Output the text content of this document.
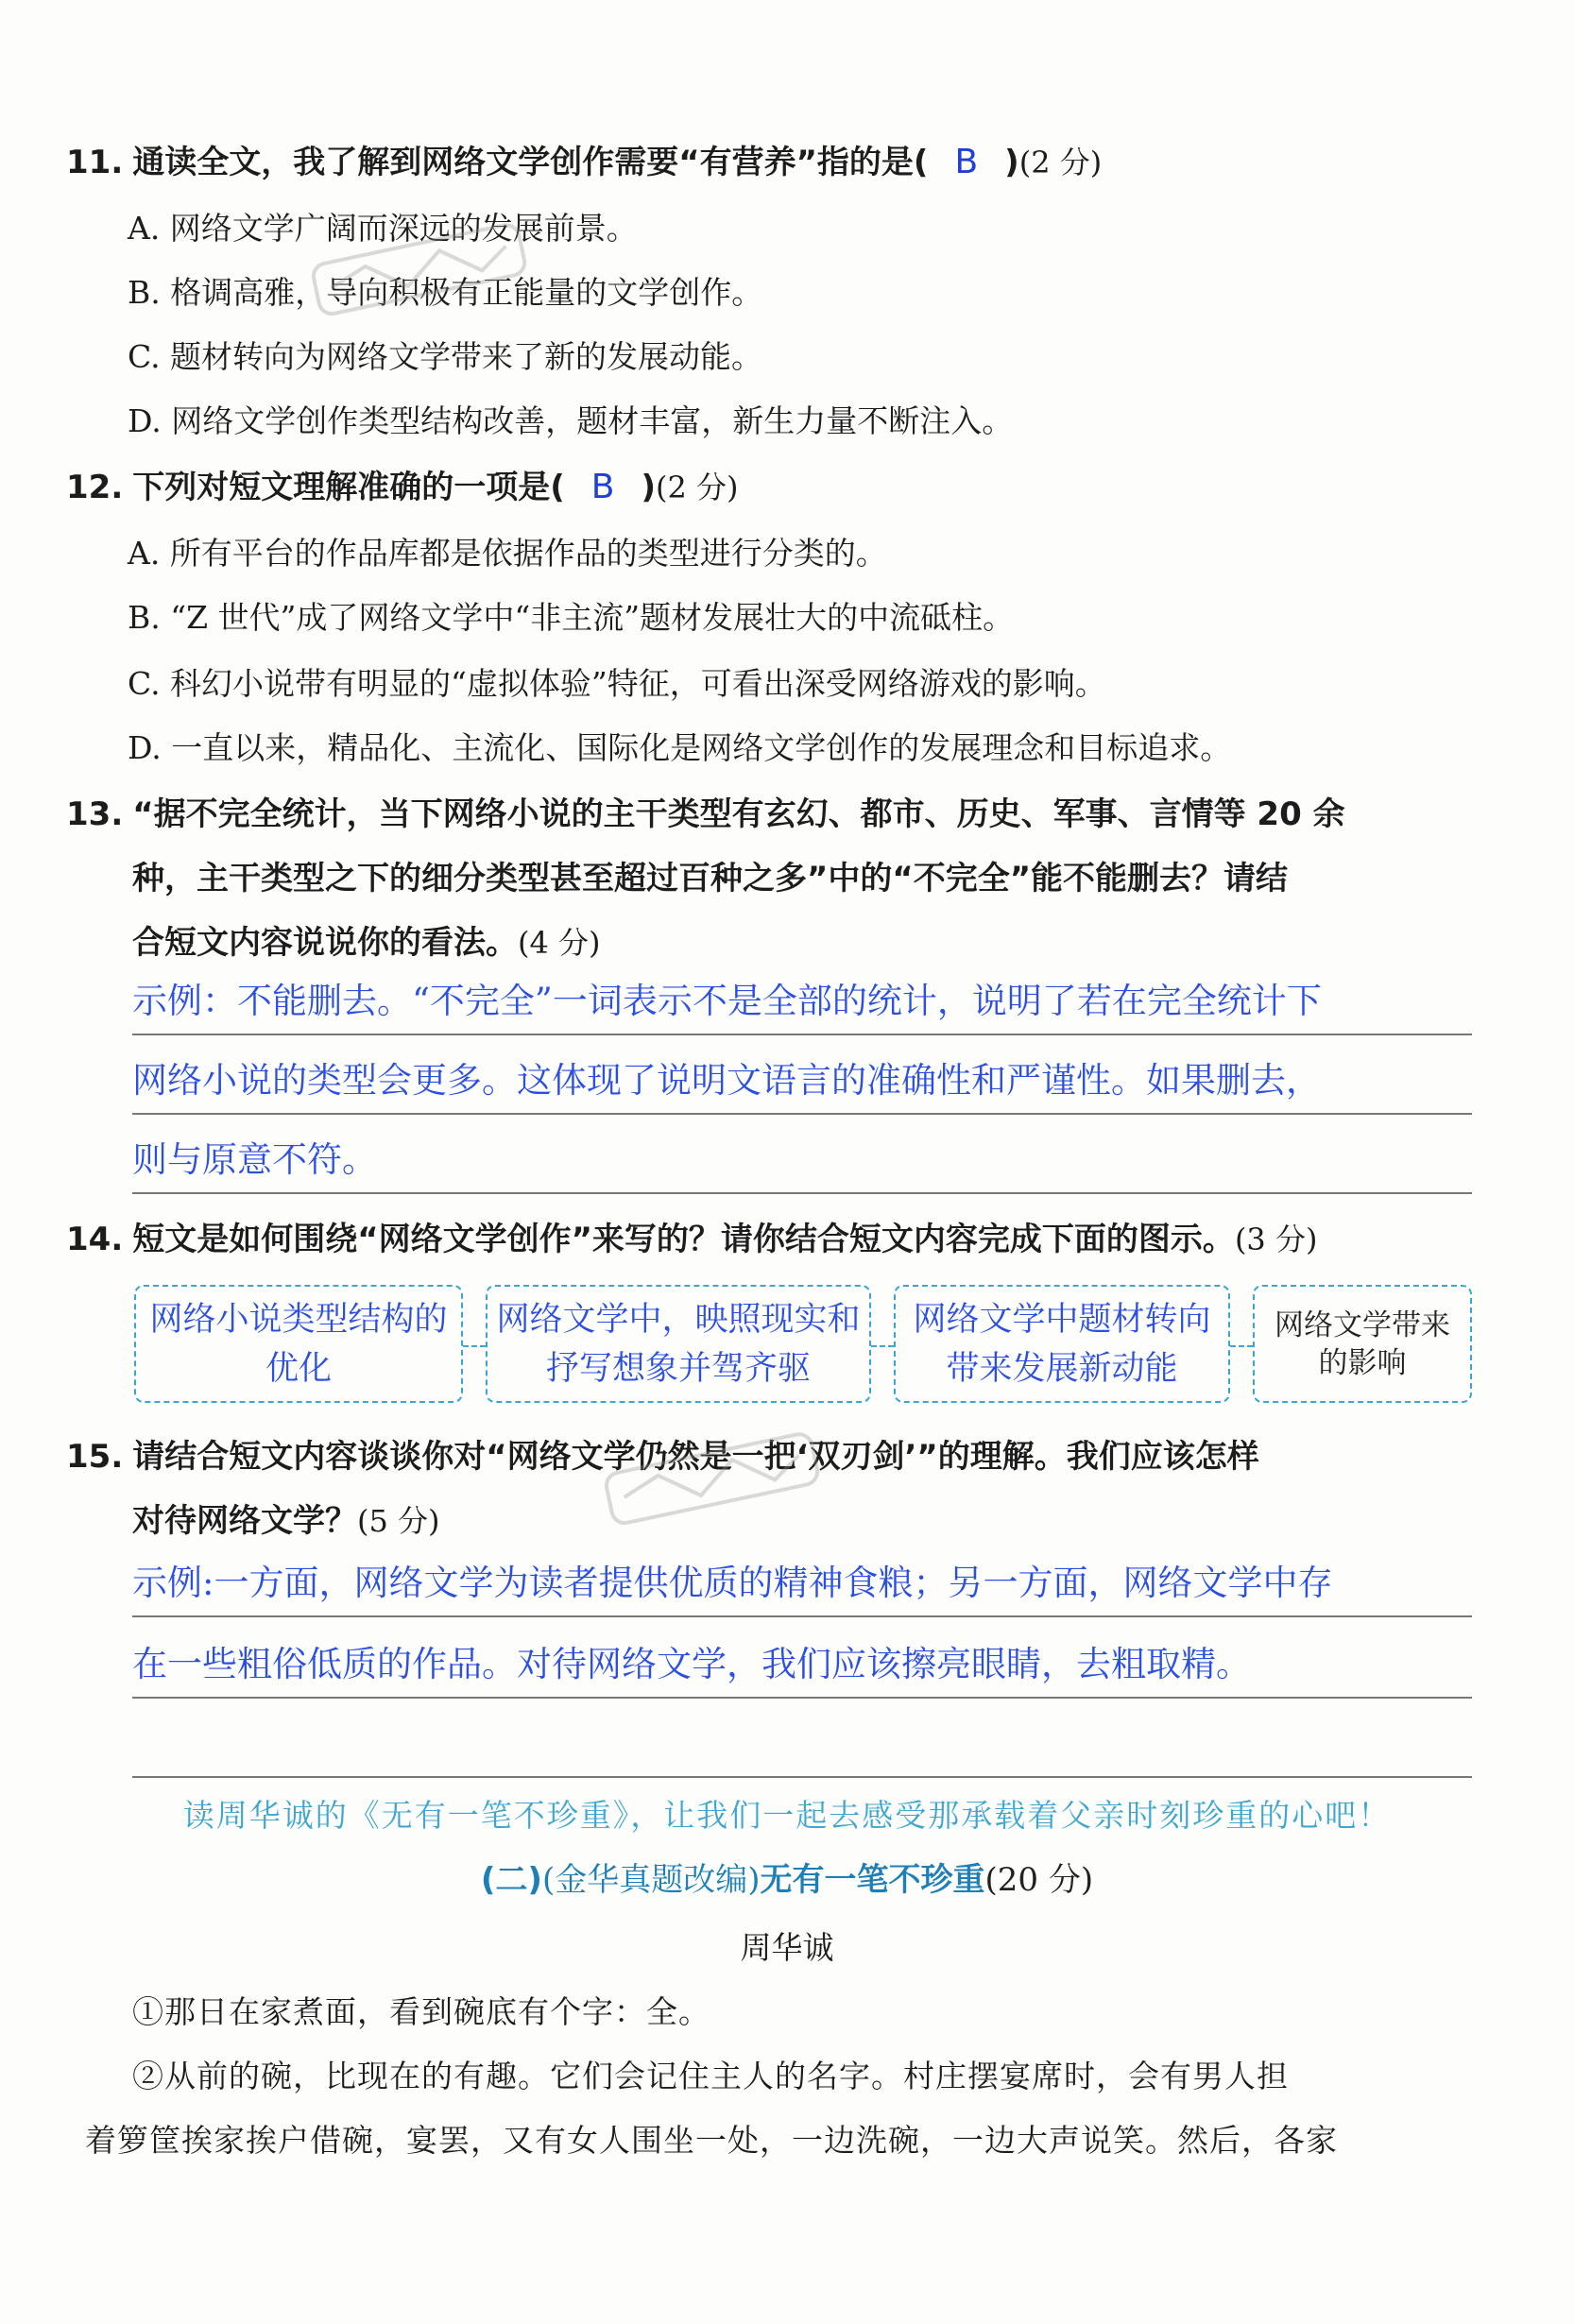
11. 通读全文，我了解到网络文学创作需要“有营养”指的是( B )(2 分)
A. 网络文学广阔而深远的发展前景。
B. 格调高雅，导向积极有正能量的文学创作。
C. 题材转向为网络文学带来了新的发展动能。
D. 网络文学创作类型结构改善，题材丰富，新生力量不断注入。
12. 下列对短文理解准确的一项是( B )(2 分)
A. 所有平台的作品库都是依据作品的类型进行分类的。
B. “Z 世代”成了网络文学中“非主流”题材发展壮大的中流砥柱。
C. 科幻小说带有明显的“虚拟体验”特征，可看出深受网络游戏的影响。
D. 一直以来，精品化、主流化、国际化是网络文学创作的发展理念和目标追求。
13. “据不完全统计，当下网络小说的主干类型有玄幻、都市、历史、军事、言情等 20 余
种，主干类型之下的细分类型甚至超过百种之多”中的“不完全”能不能删去？请结
合短文内容说说你的看法。(4 分)
示例：不能删去。“不完全”一词表示不是全部的统计，说明了若在完全统计下
网络小说的类型会更多。这体现了说明文语言的准确性和严谨性。如果删去，
则与原意不符。
14. 短文是如何围绕“网络文学创作”来写的？请你结合短文内容完成下面的图示。(3 分)
网络小说类型结构的优化
网络文学中，映照现实和抒写想象并驾齐驱
网络文学中题材转向带来发展新动能
网络文学带来的影响
15. 请结合短文内容谈谈你对“网络文学仍然是一把‘双刃剑’”的理解。我们应该怎样
对待网络文学？(5 分)
示例:一方面，网络文学为读者提供优质的精神食粮；另一方面，网络文学中存
在一些粗俗低质的作品。对待网络文学，我们应该擦亮眼睛，去粗取精。
读周华诚的《无有一笔不珍重》，让我们一起去感受那承载着父亲时刻珍重的心吧！
(二)(金华真题改编)无有一笔不珍重(20 分)
周华诚
①那日在家煮面，看到碗底有个字：全。
②从前的碗，比现在的有趣。它们会记住主人的名字。村庄摆宴席时，会有男人担
着箩筐挨家挨户借碗，宴罢，又有女人围坐一处，一边洗碗，一边大声说笑。然后，各家
